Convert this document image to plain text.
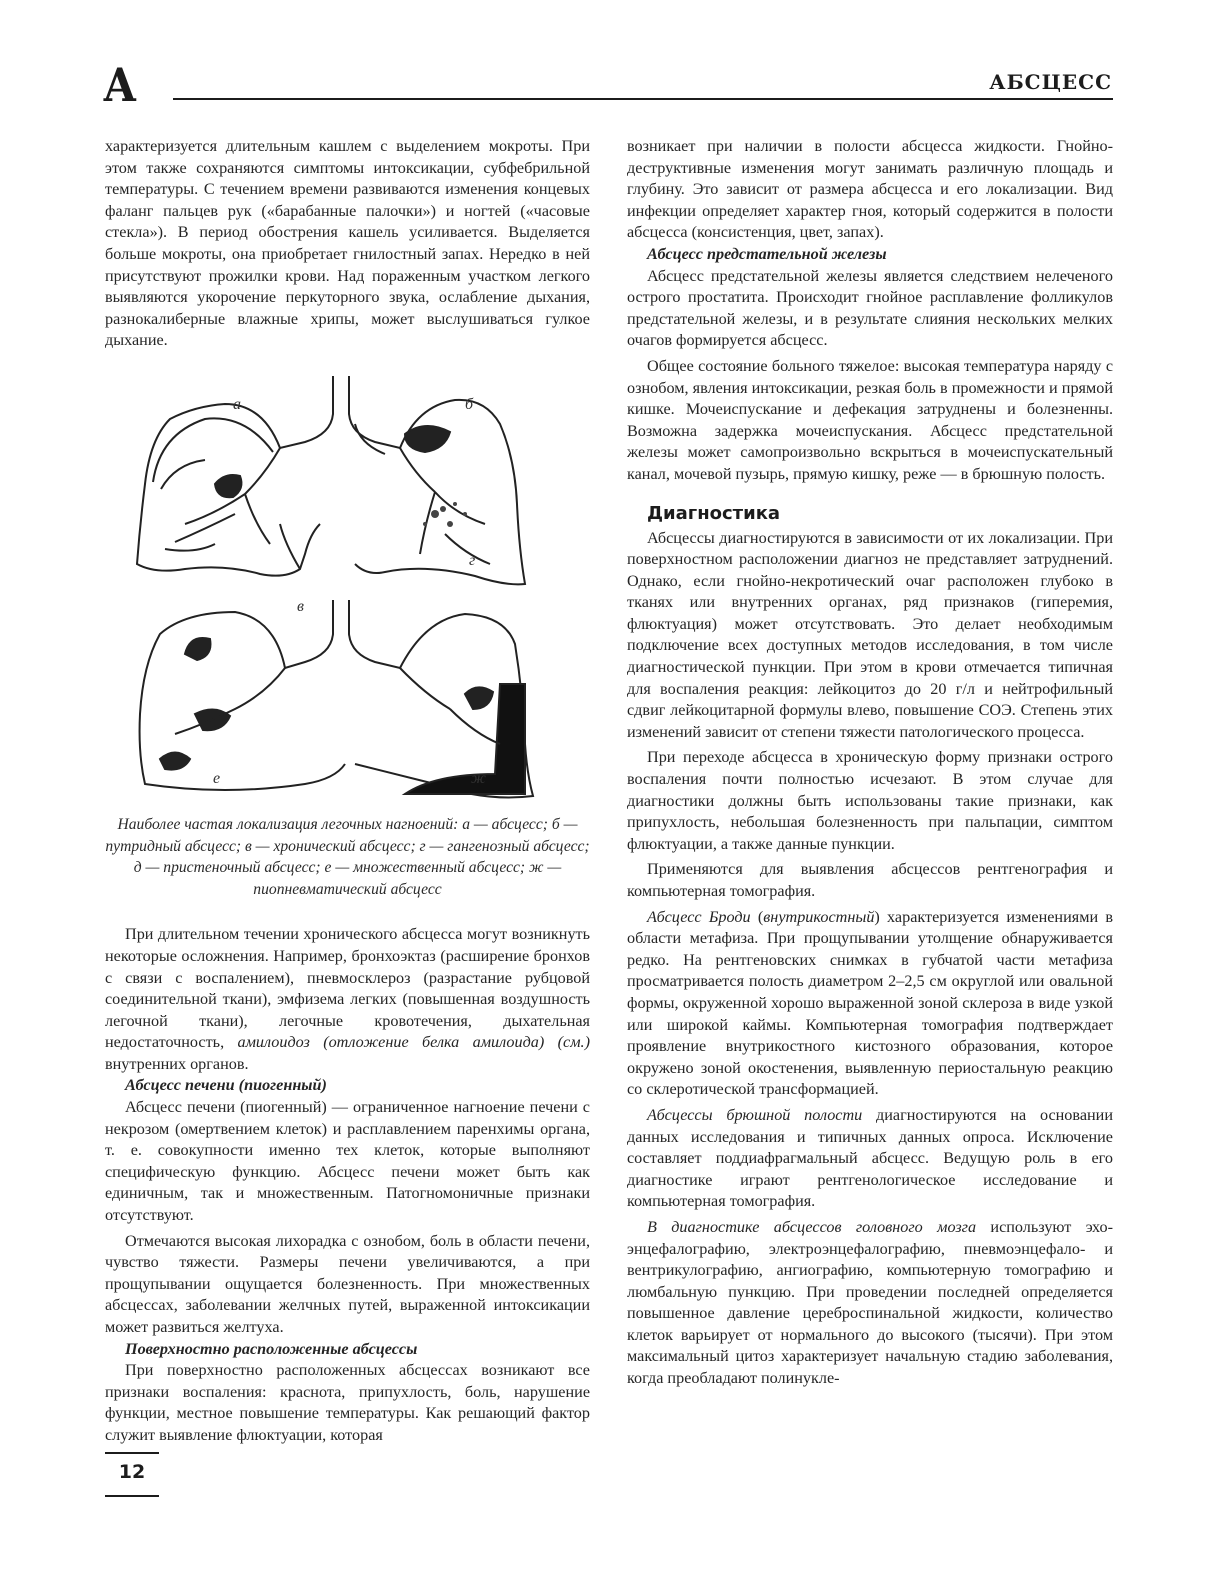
А	АБСЦЕСС

характеризуется длительным кашлем с выделением мокроты. При этом также сохраняются симптомы интоксикации, субфебрильной температуры. С течением времени развиваются изменения концевых фаланг пальцев рук («барабанные палочки») и ногтей («часовые стекла»). В период обострения кашель усиливается. Выделяется больше мокроты, она приобретает гнилостный запах. Нередко в ней присутствуют прожилки крови. Над пораженным участком легкого выявляются укорочение перкуторного звука, ослабление дыхания, разнокалиберные влажные хрипы, может выслушиваться гулкое дыхание.

а	б
г
в
е	ж

Наиболее частая локализация легочных нагноений: а — абсцесс; б — путридный абсцесс; в — хронический абсцесс; г — гангенозный абсцесс; д — пристеночный абсцесс; е — множественный абсцесс; ж — пиопневматический абсцесс

При длительном течении хронического абсцесса могут возникнуть некоторые осложнения. Например, бронхоэктаз (расширение бронхов с связи с воспалением), пневмосклероз (разрастание рубцовой соединительной ткани), эмфизема легких (повышенная воздушность легочной ткани), легочные кровотечения, дыхательная недостаточность, амилоидоз (отложение белка амилоида) (см.) внутренних органов.

Абсцесс печени (пиогенный)

Абсцесс печени (пиогенный) — ограниченное нагноение печени с некрозом (омертвением клеток) и расплавлением паренхимы органа, т. е. совокупности именно тех клеток, которые выполняют специфическую функцию. Абсцесс печени может быть как единичным, так и множественным. Патогномоничные признаки отсутствуют.

Отмечаются высокая лихорадка с ознобом, боль в области печени, чувство тяжести. Размеры печени увеличиваются, а при прощупывании ощущается болезненность. При множественных абсцессах, заболевании желчных путей, выраженной интоксикации может развиться желтуха.

Поверхностно расположенные абсцессы

При поверхностно расположенных абсцессах возникают все признаки воспаления: краснота, припухлость, боль, нарушение функции, местное повышение температуры. Как решающий фактор служит выявление флюктуации, которая

возникает при наличии в полости абсцесса жидкости. Гнойнодеструктивные изменения могут занимать различную площадь и глубину. Это зависит от размера абсцесса и его локализации. Вид инфекции определяет характер гноя, который содержится в полости абсцесса (консистенция, цвет, запах).

Абсцесс предстательной железы

Абсцесс предстательной железы является следствием нелеченого острого простатита. Происходит гнойное расплавление фолликулов предстательной железы, и в результате слияния нескольких мелких очагов формируется абсцесс.

Общее состояние больного тяжелое: высокая температура наряду с ознобом, явления интоксикации, резкая боль в промежности и прямой кишке. Мочеиспускание и дефекация затруднены и болезненны. Возможна задержка мочеиспускания. Абсцесс предстательной железы может самопроизвольно вскрыться в мочеиспускательный канал, мочевой пузырь, прямую кишку, реже — в брюшную полость.

Диагностика

Абсцессы диагностируются в зависимости от их локализации. При поверхностном расположении диагноз не представляет затруднений. Однако, если гнойно-некротический очаг расположен глубоко в тканях или внутренних органах, ряд признаков (гиперемия, флюктуация) может отсутствовать. Это делает необходимым подключение всех доступных методов исследования, в том числе диагностической пункции. При этом в крови отмечается типичная для воспаления реакция: лейкоцитоз до 20 г/л и нейтрофильный сдвиг лейкоцитарной формулы влево, повышение СОЭ. Степень этих изменений зависит от степени тяжести патологического процесса.

При переходе абсцесса в хроническую форму признаки острого воспаления почти полностью исчезают. В этом случае для диагностики должны быть использованы такие признаки, как припухлость, небольшая болезненность при пальпации, симптом флюктуации, а также данные пункции.

Применяются для выявления абсцессов рентгенография и компьютерная томография.

Абсцесс Броди (внутрикостный) характеризуется изменениями в области метафиза. При прощупывании утолщение обнаруживается редко. На рентгеновских снимках в губчатой части метафиза просматривается полость диаметром 2–2,5 см округлой или овальной формы, окруженной хорошо выраженной зоной склероза в виде узкой или широкой каймы. Компьютерная томография подтверждает проявление внутрикостного кистозного образования, которое окружено зоной окостенения, выявленную периостальную реакцию со склеротической трансформацией.

Абсцессы брюшной полости диагностируются на основании данных исследования и типичных данных опроса. Исключение составляет поддиафрагмальный абсцесс. Ведущую роль в его диагностике играют рентгенологическое исследование и компьютерная томография.

В диагностике абсцессов головного мозга используют эхоэнцефалографию, электроэнцефалографию, пневмоэнцефало- и вентрикулографию, ангиографию, компьютерную томографию и люмбальную пункцию. При проведении последней определяется повышенное давление цереброспинальной жидкости, количество клеток варьирует от нормального до высокого (тысячи). При этом максимальный цитоз характеризует начальную стадию заболевания, когда преобладают полинукле-

12
